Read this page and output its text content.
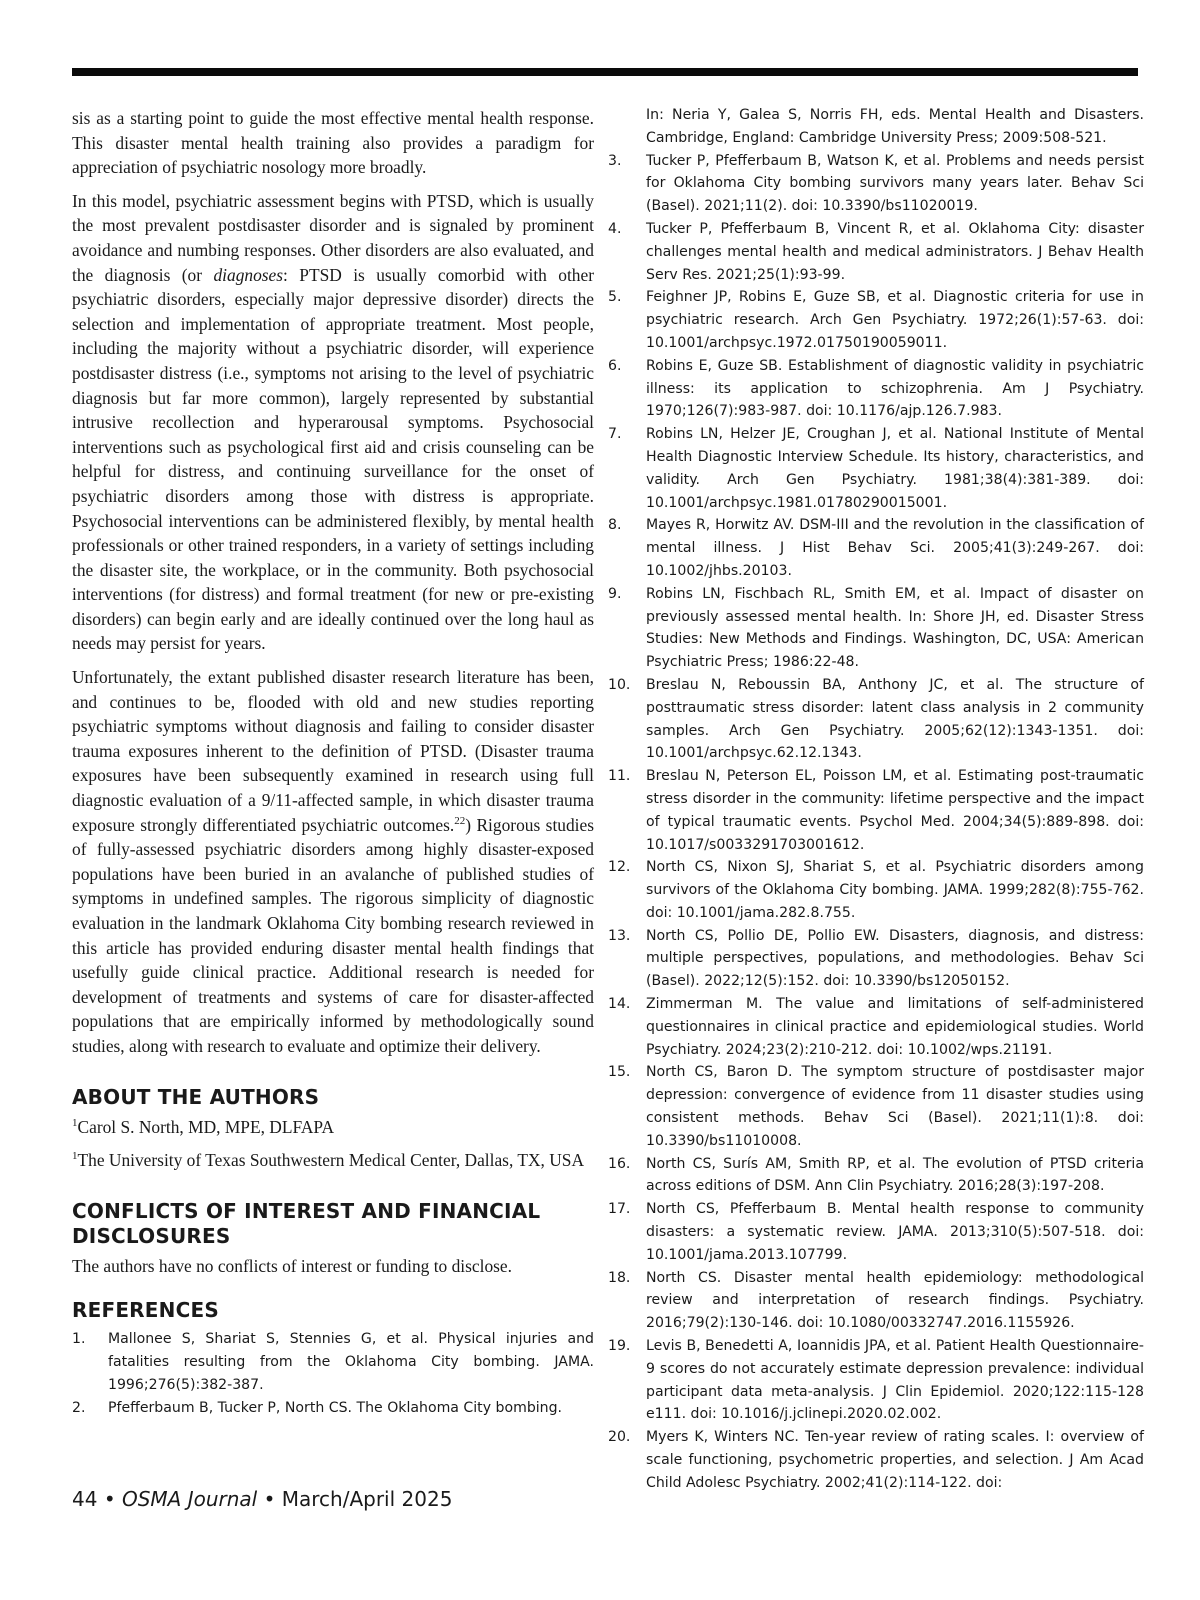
sis as a starting point to guide the most effective mental health response. This disaster mental health training also provides a paradigm for appreciation of psychiatric nosology more broadly.

In this model, psychiatric assessment begins with PTSD, which is usually the most prevalent postdisaster disorder and is signaled by prominent avoidance and numbing responses. Other disorders are also evaluated, and the diagnosis (or diagnoses: PTSD is usually comorbid with other psychiatric disorders, especially major depressive disorder) directs the selection and implementation of appropriate treatment. Most people, including the majority without a psychiatric disorder, will experience postdisaster distress (i.e., symptoms not arising to the level of psychiatric diagnosis but far more common), largely represented by substantial intrusive recollection and hyperarousal symptoms. Psychosocial interventions such as psychological first aid and crisis counseling can be helpful for distress, and continuing surveillance for the onset of psychiatric disorders among those with distress is appropriate. Psychosocial interventions can be administered flexibly, by mental health professionals or other trained responders, in a variety of settings including the disaster site, the workplace, or in the community. Both psychosocial interventions (for distress) and formal treatment (for new or pre-existing disorders) can begin early and are ideally continued over the long haul as needs may persist for years.

Unfortunately, the extant published disaster research literature has been, and continues to be, flooded with old and new studies reporting psychiatric symptoms without diagnosis and failing to consider disaster trauma exposures inherent to the definition of PTSD. (Disaster trauma exposures have been subsequently examined in research using full diagnostic evaluation of a 9/11-affected sample, in which disaster trauma exposure strongly differentiated psychiatric outcomes.$^{22}$) Rigorous studies of fully-assessed psychiatric disorders among highly disaster-exposed populations have been buried in an avalanche of published studies of symptoms in undefined samples. The rigorous simplicity of diagnostic evaluation in the landmark Oklahoma City bombing research reviewed in this article has provided enduring disaster mental health findings that usefully guide clinical practice. Additional research is needed for development of treatments and systems of care for disaster-affected populations that are empirically informed by methodologically sound studies, along with research to evaluate and optimize their delivery.

ABOUT THE AUTHORS

$^1$Carol S. North, MD, MPE, DLFAPA

$^1$The University of Texas Southwestern Medical Center, Dallas, TX, USA

CONFLICTS OF INTEREST AND FINANCIAL DISCLOSURES

The authors have no conflicts of interest or funding to disclose.

REFERENCES
1.	Mallonee S, Shariat S, Stennies G, et al. Physical injuries and fatalities resulting from the Oklahoma City bombing. JAMA. 1996;276(5):382-387.
2.	Pfefferbaum B, Tucker P, North CS. The Oklahoma City bombing.
In: Neria Y, Galea S, Norris FH, eds. Mental Health and Disasters. Cambridge, England: Cambridge University Press; 2009:508-521.
3.	Tucker P, Pfefferbaum B, Watson K, et al. Problems and needs persist for Oklahoma City bombing survivors many years later. Behav Sci (Basel). 2021;11(2). doi: 10.3390/bs11020019.
4.	Tucker P, Pfefferbaum B, Vincent R, et al. Oklahoma City: disaster challenges mental health and medical administrators. J Behav Health Serv Res. 2021;25(1):93-99.
5.	Feighner JP, Robins E, Guze SB, et al. Diagnostic criteria for use in psychiatric research. Arch Gen Psychiatry. 1972;26(1):57-63. doi: 10.1001/archpsyc.1972.01750190059011.
6.	Robins E, Guze SB. Establishment of diagnostic validity in psychiatric illness: its application to schizophrenia. Am J Psychiatry. 1970;126(7):983-987. doi: 10.1176/ajp.126.7.983.
7.	Robins LN, Helzer JE, Croughan J, et al. National Institute of Mental Health Diagnostic Interview Schedule. Its history, characteristics, and validity. Arch Gen Psychiatry. 1981;38(4):381-389. doi: 10.1001/archpsyc.1981.01780290015001.
8.	Mayes R, Horwitz AV. DSM-III and the revolution in the classification of mental illness. J Hist Behav Sci. 2005;41(3):249-267. doi: 10.1002/jhbs.20103.
9.	Robins LN, Fischbach RL, Smith EM, et al. Impact of disaster on previously assessed mental health. In: Shore JH, ed. Disaster Stress Studies: New Methods and Findings. Washington, DC, USA: American Psychiatric Press; 1986:22-48.
10.	Breslau N, Reboussin BA, Anthony JC, et al. The structure of posttraumatic stress disorder: latent class analysis in 2 community samples. Arch Gen Psychiatry. 2005;62(12):1343-1351. doi: 10.1001/archpsyc.62.12.1343.
11.	Breslau N, Peterson EL, Poisson LM, et al. Estimating post-traumatic stress disorder in the community: lifetime perspective and the impact of typical traumatic events. Psychol Med. 2004;34(5):889-898. doi: 10.1017/s0033291703001612.
12.	North CS, Nixon SJ, Shariat S, et al. Psychiatric disorders among survivors of the Oklahoma City bombing. JAMA. 1999;282(8):755-762. doi: 10.1001/jama.282.8.755.
13.	North CS, Pollio DE, Pollio EW. Disasters, diagnosis, and distress: multiple perspectives, populations, and methodologies. Behav Sci (Basel). 2022;12(5):152. doi: 10.3390/bs12050152.
14.	Zimmerman M. The value and limitations of self-administered questionnaires in clinical practice and epidemiological studies. World Psychiatry. 2024;23(2):210-212. doi: 10.1002/wps.21191.
15.	North CS, Baron D. The symptom structure of postdisaster major depression: convergence of evidence from 11 disaster studies using consistent methods. Behav Sci (Basel). 2021;11(1):8. doi: 10.3390/bs11010008.
16.	North CS, Surís AM, Smith RP, et al. The evolution of PTSD criteria across editions of DSM. Ann Clin Psychiatry. 2016;28(3):197-208.
17.	North CS, Pfefferbaum B. Mental health response to community disasters: a systematic review. JAMA. 2013;310(5):507-518. doi: 10.1001/jama.2013.107799.
18.	North CS. Disaster mental health epidemiology: methodological review and interpretation of research findings. Psychiatry. 2016;79(2):130-146. doi: 10.1080/00332747.2016.1155926.
19.	Levis B, Benedetti A, Ioannidis JPA, et al. Patient Health Questionnaire-9 scores do not accurately estimate depression prevalence: individual participant data meta-analysis. J Clin Epidemiol. 2020;122:115-128 e111. doi: 10.1016/j.jclinepi.2020.02.002.
20.	Myers K, Winters NC. Ten-year review of rating scales. I: overview of scale functioning, psychometric properties, and selection. J Am Acad Child Adolesc Psychiatry. 2002;41(2):114-122. doi:
44 • OSMA Journal • March/April 2025
